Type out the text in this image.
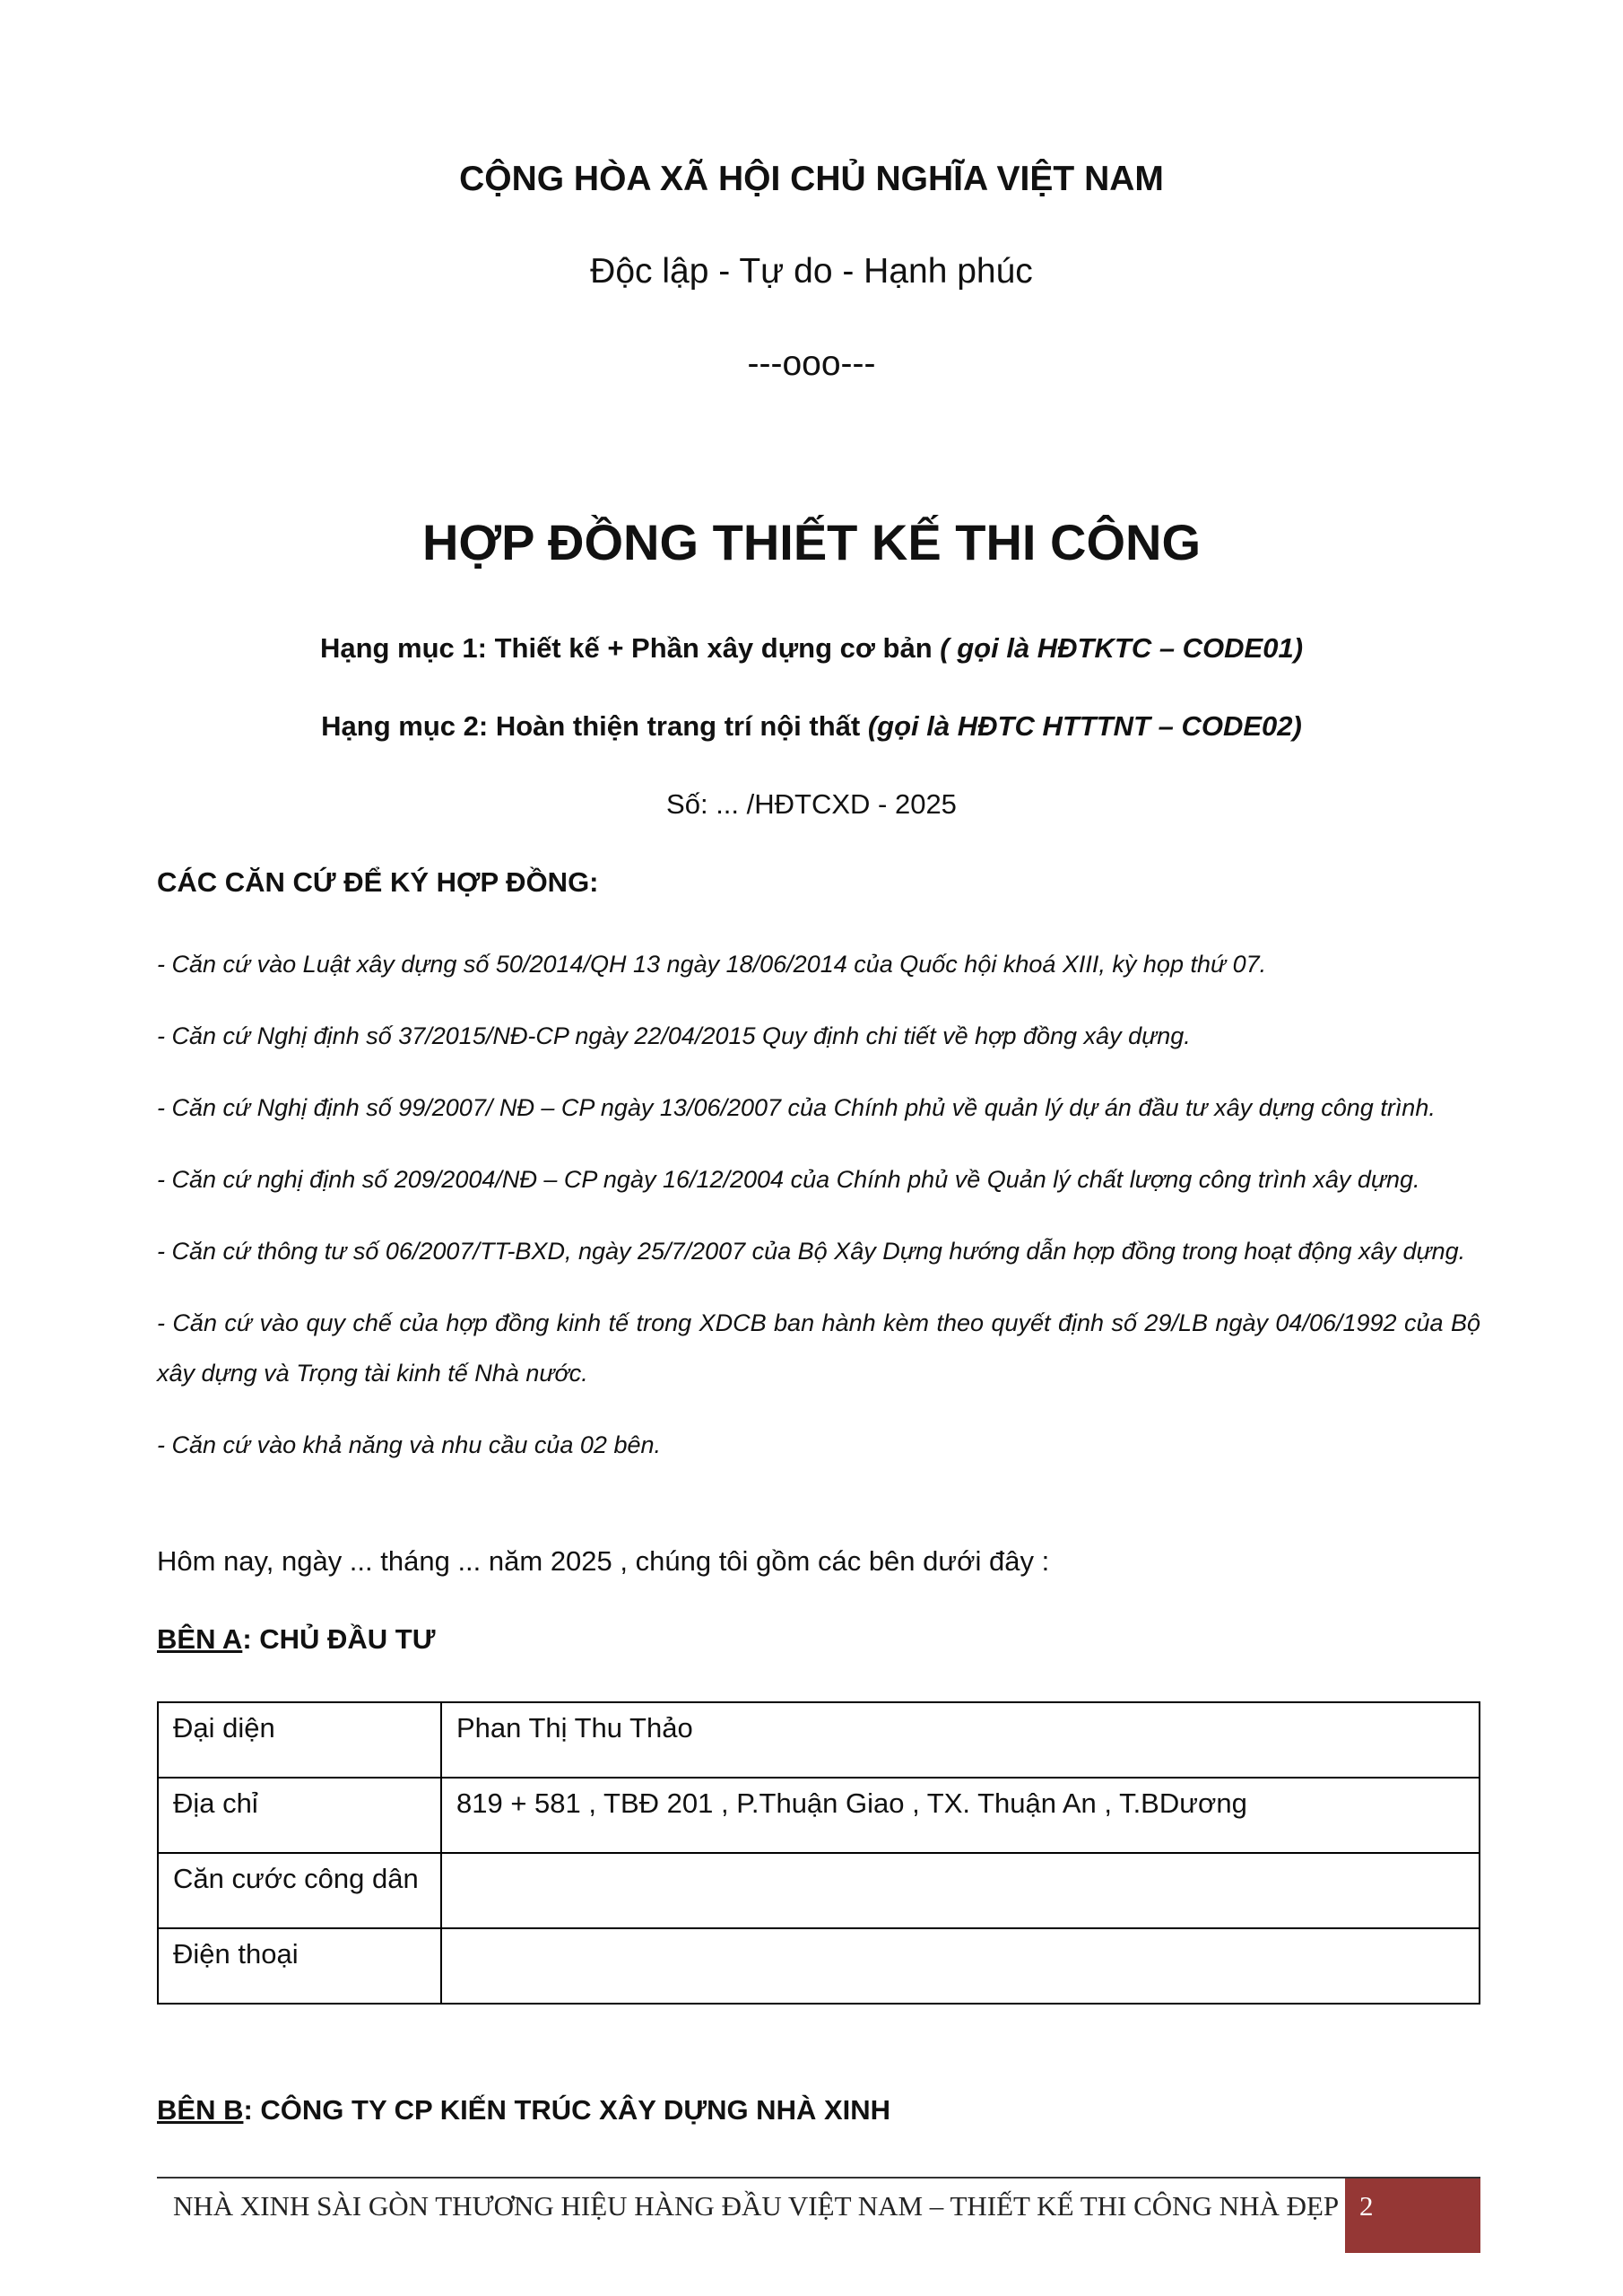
CỘNG HÒA XÃ HỘI CHỦ NGHĨA VIỆT NAM
Độc lập - Tự do - Hạnh phúc
---ooo---
HỢP ĐỒNG THIẾT KẾ THI CÔNG
Hạng mục 1: Thiết kế + Phần xây dựng cơ bản ( gọi là HĐTKTC – CODE01)
Hạng mục 2: Hoàn thiện trang trí nội thất (gọi là HĐTC HTTTNT – CODE02)
Số: ... /HĐTCXD - 2025
CÁC CĂN CỨ ĐỂ KÝ HỢP ĐỒNG:
- Căn cứ vào Luật xây dựng số 50/2014/QH 13 ngày 18/06/2014 của Quốc hội khoá XIII, kỳ họp thứ 07.
- Căn cứ Nghị định số 37/2015/NĐ-CP ngày 22/04/2015 Quy định chi tiết về hợp đồng xây dựng.
- Căn cứ Nghị định số 99/2007/ NĐ – CP ngày 13/06/2007 của Chính phủ về quản lý dự án đầu tư xây dựng công trình.
- Căn cứ nghị định số 209/2004/NĐ – CP ngày 16/12/2004 của Chính phủ về Quản lý chất lượng công trình xây dựng.
- Căn cứ thông tư số 06/2007/TT-BXD, ngày 25/7/2007 của Bộ Xây Dựng hướng dẫn hợp đồng trong hoạt động xây dựng.
- Căn cứ vào quy chế của hợp đồng kinh tế trong XDCB ban hành kèm theo quyết định số 29/LB ngày 04/06/1992 của Bộ xây dựng và Trọng tài kinh tế Nhà nước.
- Căn cứ vào khả năng và nhu cầu của 02 bên.
Hôm nay, ngày ... tháng ... năm 2025 , chúng tôi gồm các bên dưới đây :
BÊN A: CHỦ ĐẦU TƯ
Đại diện	Phan Thị Thu Thảo
Địa chỉ	819 + 581 , TBĐ 201 , P.Thuận Giao , TX. Thuận An , T.BDương
Căn cước công dân	
Điện thoại	
BÊN B: CÔNG TY CP KIẾN TRÚC XÂY DỰNG NHÀ XINH
NHÀ XINH SÀI GÒN THƯƠNG HIỆU HÀNG ĐẦU VIỆT NAM – THIẾT KẾ THI CÔNG NHÀ ĐẸP 2
